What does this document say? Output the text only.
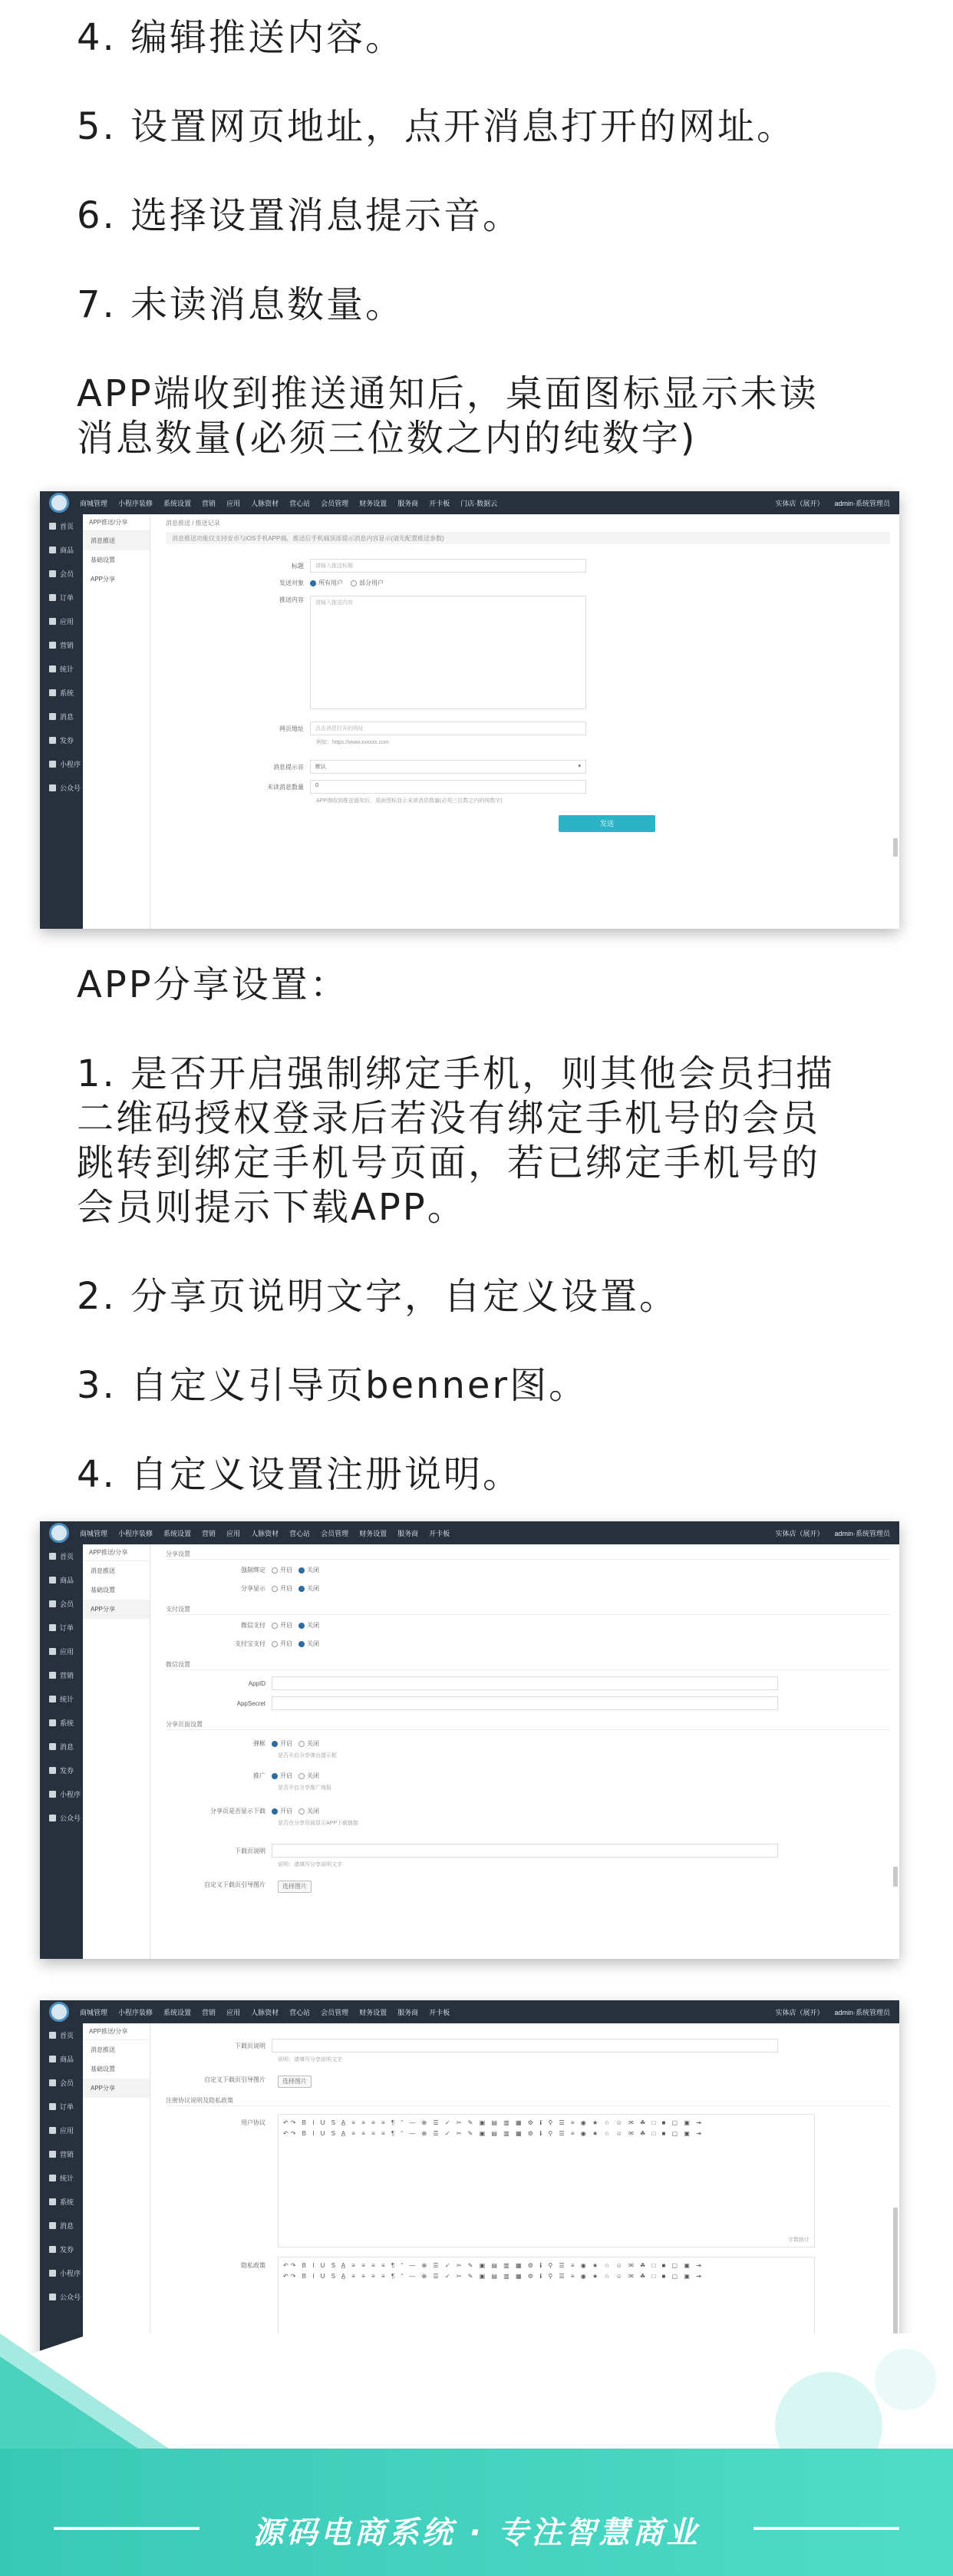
4. 编辑推送内容。
5. 设置网页地址，点开消息打开的网址。
6. 选择设置消息提示音。
7. 未读消息数量。
APP端收到推送通知后，桌面图标显示未读
消息数量(必须三位数之内的纯数字)
商城管理 小程序装修 系统设置 营销 应用 人脉资材 营心站 会员管理 财务设置 服务商 开卡板 门店·数据云	实体店（展开） admin·系统管理员
首页
商品
会员
订单
应用
营销
统计
系统
消息
发券
小程序
公众号
APP推送/分享
消息推送
基础设置
APP分享
消息推送 / 推送记录
消息推送功能仅支持安卓与iOS手机APP端，推送后手机端顶部提示消息内容显示(请先配置推送参数)
标题	请输入推送标题
发送对象	所有用户	部分用户
推送内容	请输入推送内容
网页地址	点击消息打开的网址
例如：https://www.xxxxxx.com
消息提示音	默认	▾
未读消息数量	0
APP端收到推送通知后，桌面图标显示未读消息数量(必须三位数之内的纯数字)
发送
APP分享设置：
1. 是否开启强制绑定手机，则其他会员扫描
二维码授权登录后若没有绑定手机号的会员
跳转到绑定手机号页面，若已绑定手机号的
会员则提示下载APP。
2. 分享页说明文字，自定义设置。
3. 自定义引导页benner图。
4. 自定义设置注册说明。
商城管理 小程序装修 系统设置 营销 应用 人脉资材 营心站 会员管理 财务设置 服务商 开卡板	实体店（展开） admin·系统管理员
首页
商品
会员
订单
应用
营销
统计
系统
消息
发券
小程序
公众号
APP推送/分享
消息推送
基础设置
APP分享
分享设置
强制绑定	开启	关闭
分享显示	开启	关闭
支付设置
微信支付	开启	关闭
支付宝支付	开启	关闭
微信设置
AppID
AppSecret
分享页面设置
弹框	开启	关闭
是否开启分享弹出提示框
推广	开启	关闭
是否开启分享推广海报
分享页是否显示下载	开启	关闭
是否在分享页面显示APP下载链接
下载页说明
说明：请填写分享说明文字
自定义下载页引导图片	选择图片
商城管理 小程序装修 系统设置 营销 应用 人脉资材 营心站 会员管理 财务设置 服务商 开卡板	实体店（展开） admin·系统管理员
首页
商品
会员
订单
应用
营销
统计
系统
消息
发券
小程序
公众号
APP推送/分享
消息推送
基础设置
APP分享
下载页说明
说明：请填写分享说明文字
自定义下载页引导图片	选择图片
注册协议说明及隐私政策
用户协议	↶↷ B I U S A̲ ≡ ≡ ≡ ≡ ¶ “ — ⊕ ☰ ✓ ✂ ✎ ▣ ▤ ▥ ▦ ⚙ ℹ ⚲ ☰ ≡ ◉ ★ ☆ ☺ ✉ ☘ □ ■ ▢ ▣ ⇥
↶↷ B I U S A̲ ≡ ≡ ≡ ≡ ¶ “ — ⊕ ☰ ✓ ✂ ✎ ▣ ▤ ▥ ▦ ⚙ ℹ ⚲ ☰ ≡ ◉ ★ ☆ ☺ ✉ ☘ □ ■ ▢ ▣ ⇥
字数统计
隐私政策	↶↷ B I U S A̲ ≡ ≡ ≡ ≡ ¶ “ — ⊕ ☰ ✓ ✂ ✎ ▣ ▤ ▥ ▦ ⚙ ℹ ⚲ ☰ ≡ ◉ ★ ☆ ☺ ✉ ☘ □ ■ ▢ ▣ ⇥
↶↷ B I U S A̲ ≡ ≡ ≡ ≡ ¶ “ — ⊕ ☰ ✓ ✂ ✎ ▣ ▤ ▥ ▦ ⚙ ℹ ⚲ ☰ ≡ ◉ ★ ☆ ☺ ✉ ☘ □ ■ ▢ ▣ ⇥
源码电商系统 · 专注智慧商业
